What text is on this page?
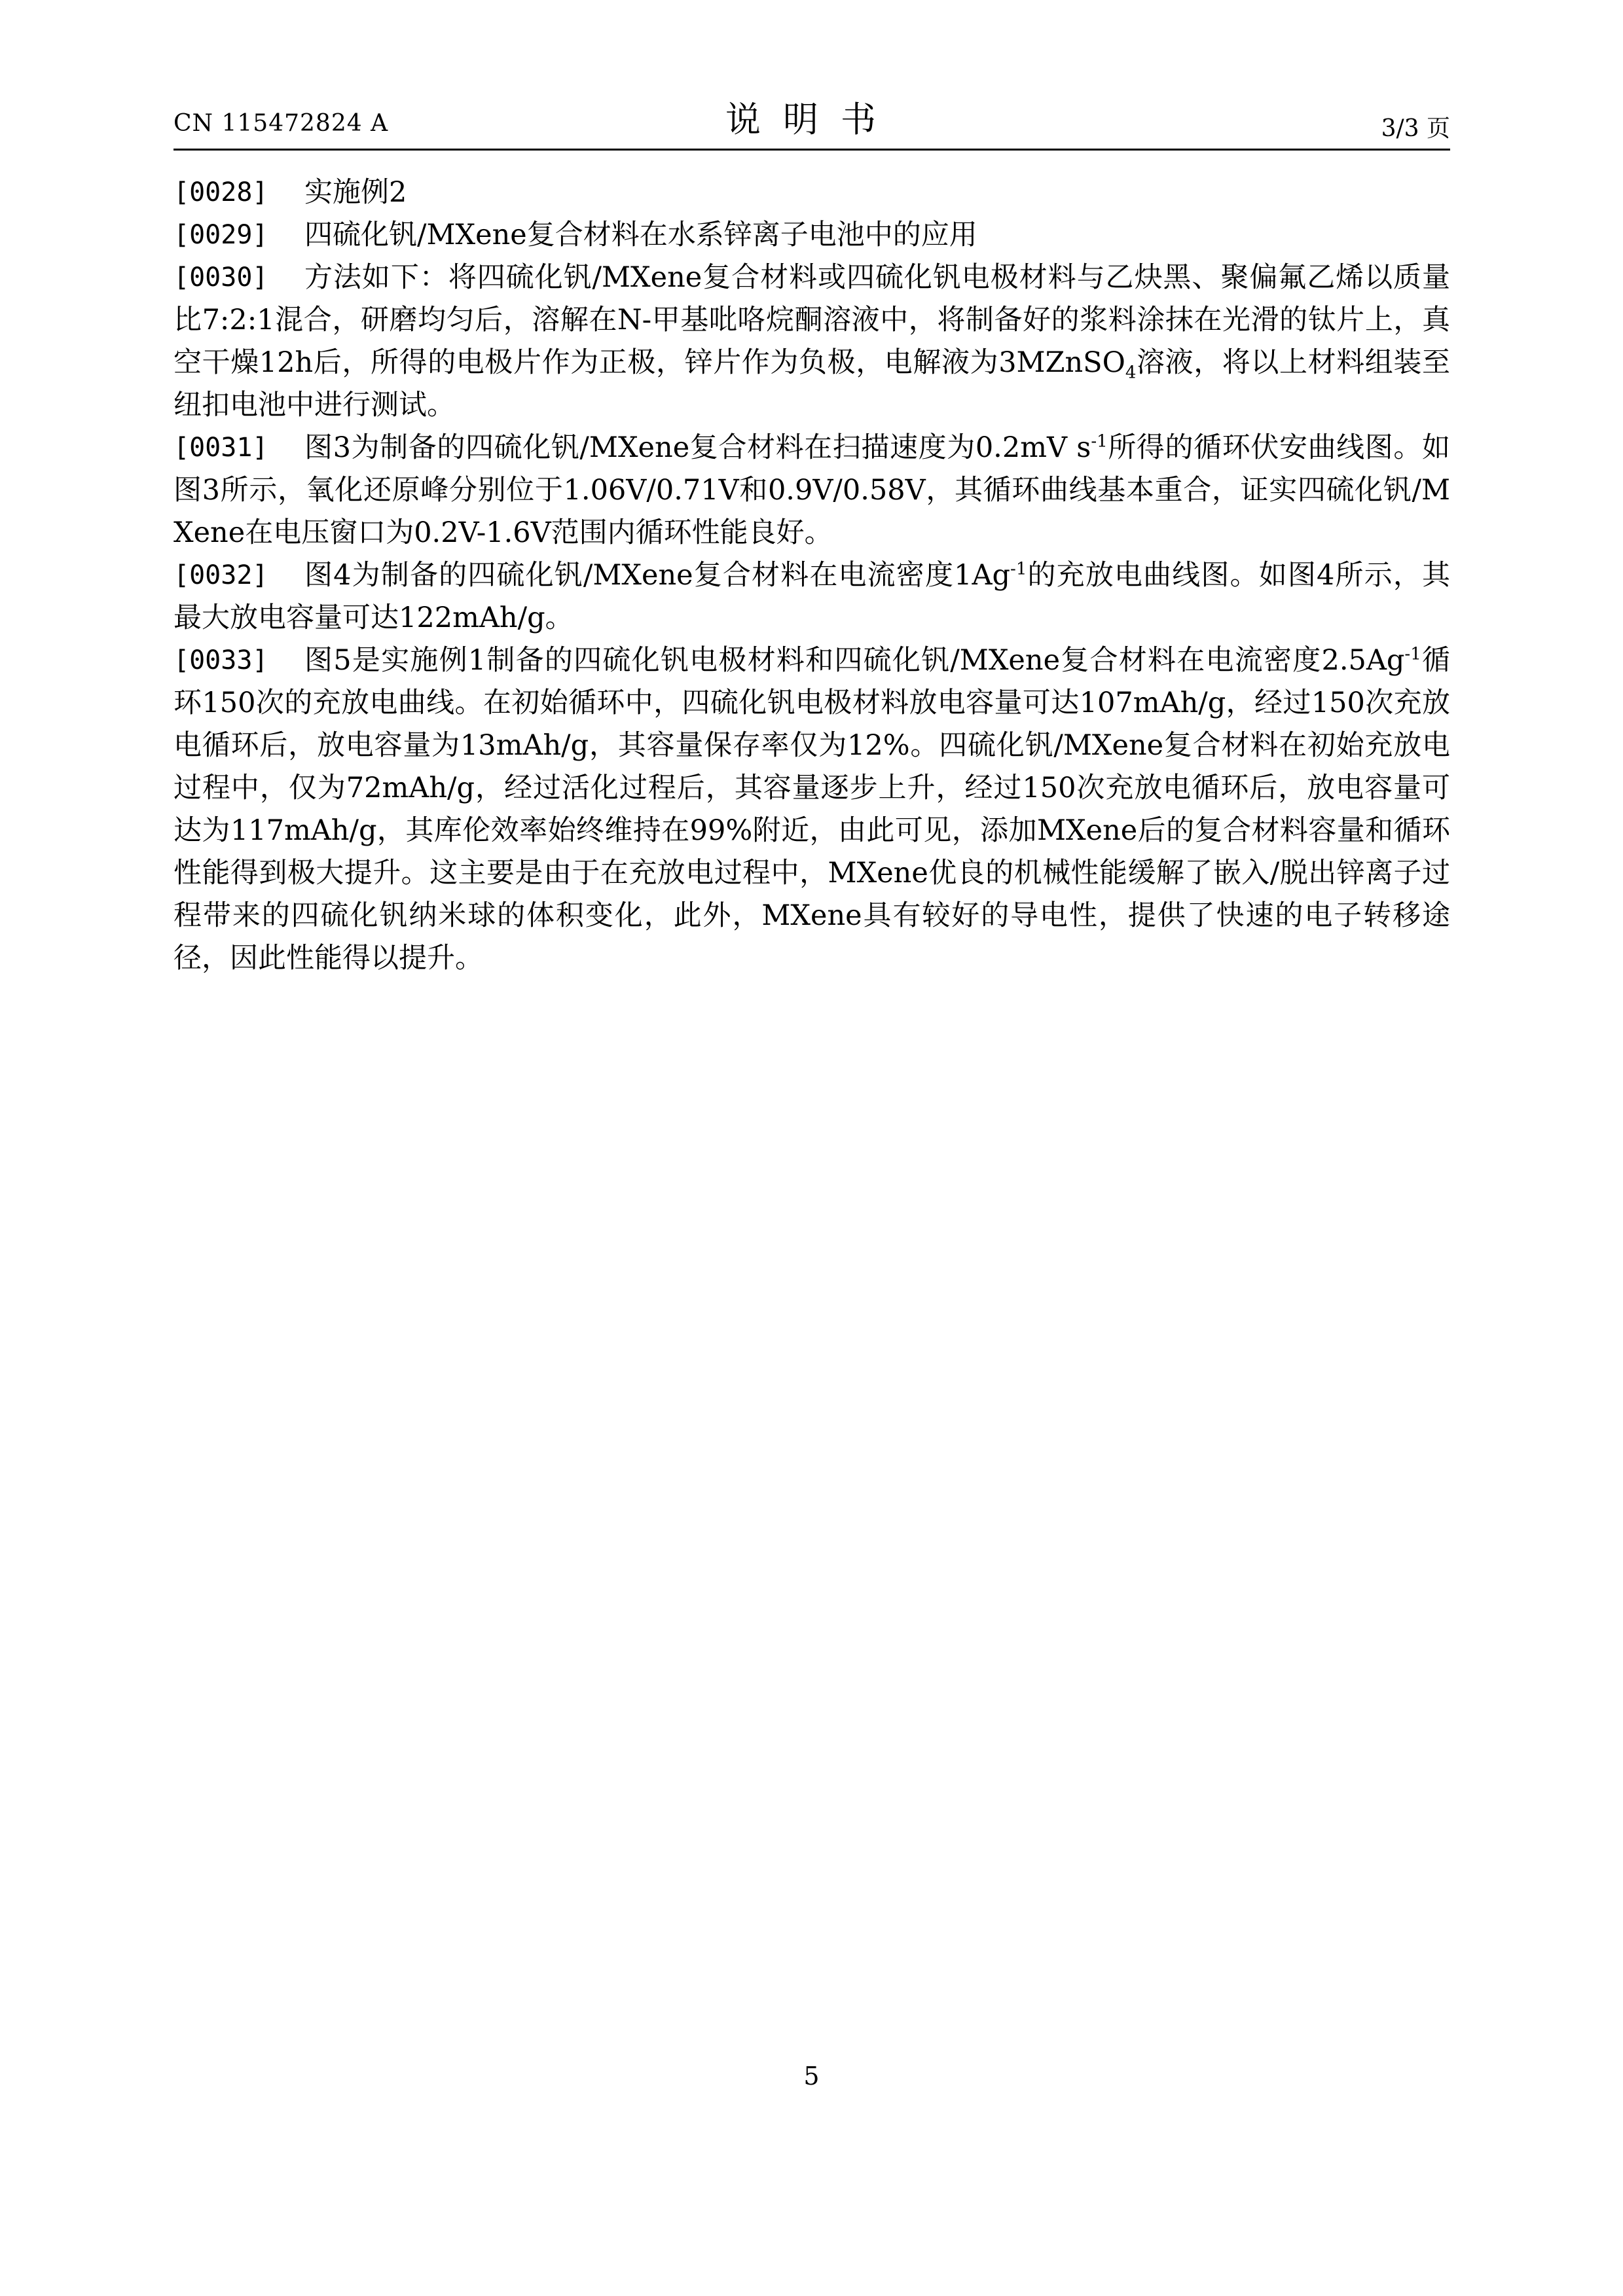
CN 115472824 A	说明书	3/3 页
[0028]	实施例2
[0029]	四硫化钒/MXene复合材料在水系锌离子电池中的应用
[0030]	方法如下：将四硫化钒/MXene复合材料或四硫化钒电极材料与乙炔黑、聚偏氟乙烯以质量比7:2:1混合，研磨均匀后，溶解在N-甲基吡咯烷酮溶液中，将制备好的浆料涂抹在光滑的钛片上，真空干燥12h后，所得的电极片作为正极，锌片作为负极，电解液为3MZnSO$_4$溶液，将以上材料组装至纽扣电池中进行测试。
[0031]	图3为制备的四硫化钒/MXene复合材料在扫描速度为0.2mV $s^{-1}$所得的循环伏安曲线图。如图3所示，氧化还原峰分别位于1.06V/0.71V和0.9V/0.58V，其循环曲线基本重合，证实四硫化钒/MXene在电压窗口为0.2V-1.6V范围内循环性能良好。
[0032]	图4为制备的四硫化钒/MXene复合材料在电流密度$1Ag^{-1}$的充放电曲线图。如图4所示，其最大放电容量可达122mAh/g。
[0033]	图5是实施例1制备的四硫化钒电极材料和四硫化钒/MXene复合材料在电流密度$2.5Ag^{-1}$循环150次的充放电曲线。在初始循环中，四硫化钒电极材料放电容量可达107mAh/g，经过150次充放电循环后，放电容量为13mAh/g，其容量保存率仅为12%。四硫化钒/MXene复合材料在初始充放电过程中，仅为72mAh/g，经过活化过程后，其容量逐步上升，经过150次充放电循环后，放电容量可达为117mAh/g，其库伦效率始终维持在99%附近，由此可见，添加MXene后的复合材料容量和循环性能得到极大提升。这主要是由于在充放电过程中，MXene优良的机械性能缓解了嵌入/脱出锌离子过程带来的四硫化钒纳米球的体积变化，此外，MXene具有较好的导电性，提供了快速的电子转移途径，因此性能得以提升。
5
